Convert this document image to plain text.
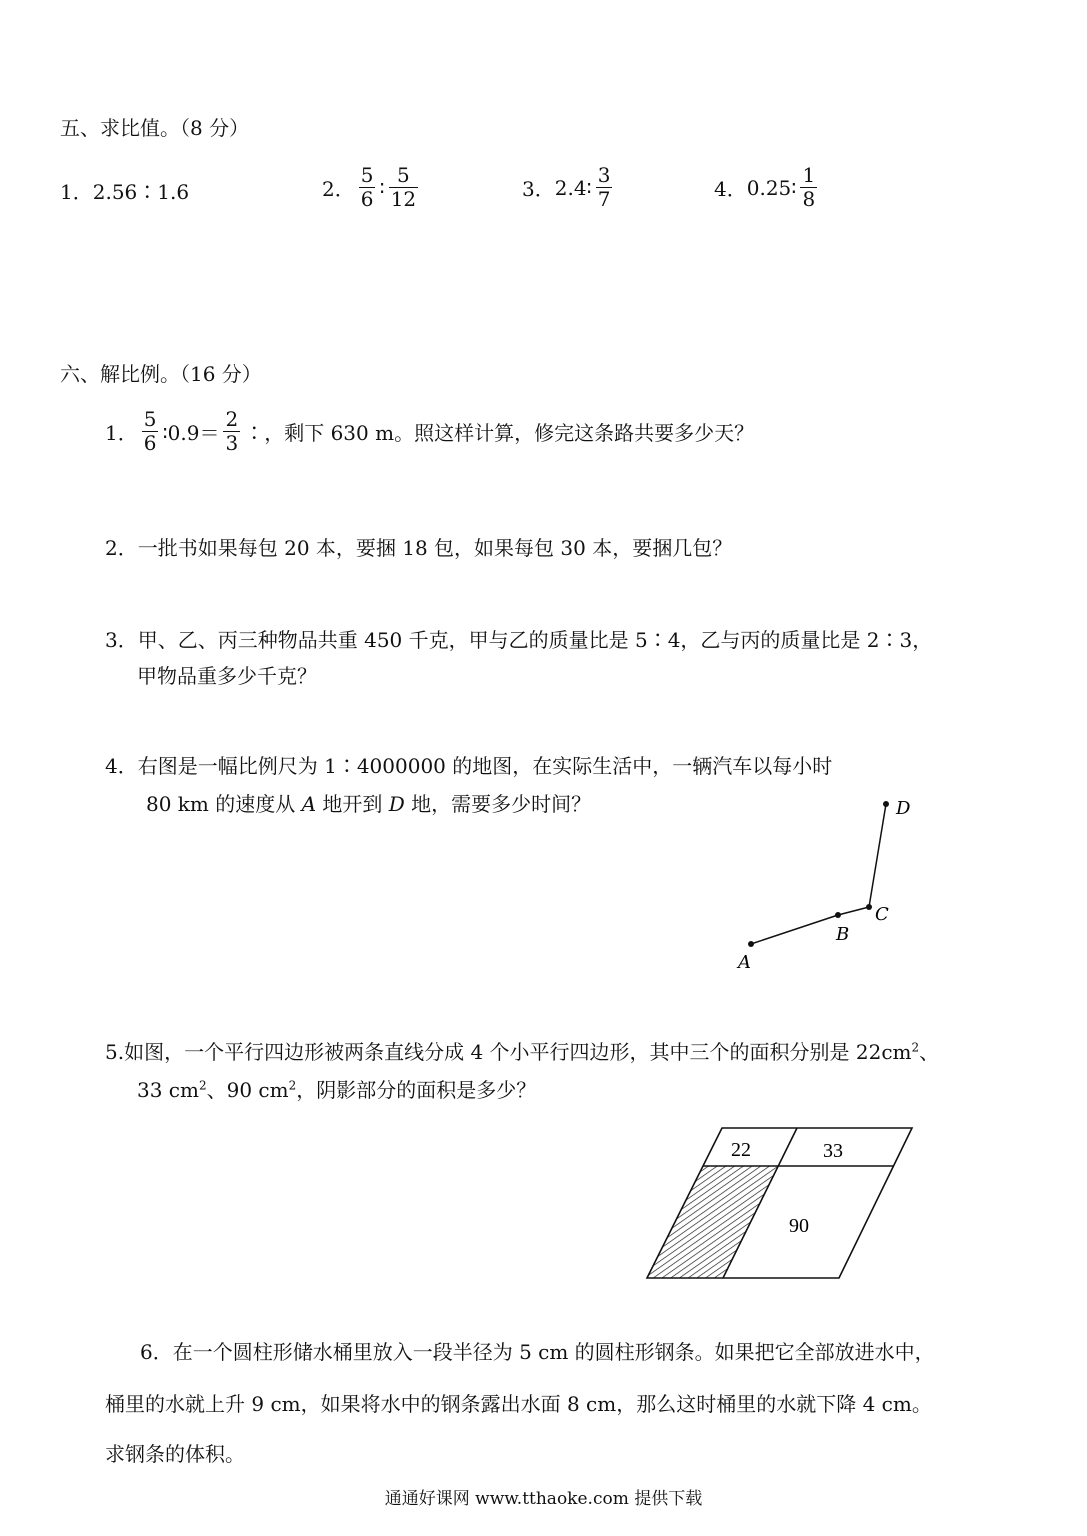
五、求比值。（8 分）
1．2.56∶1.6	2． $\frac{5}{6}$ ∶ $\frac{5}{12}$	3． 2.4∶ $\frac{3}{7}$	4． 0.25∶ $\frac{1}{8}$
六、解比例。（16 分）
1． $\frac{5}{6}$ ∶0.9＝ $\frac{2}{3}$ ∶，剩下 630 m。照这样计算，修完这条路共要多少天？
2．一批书如果每包 20 本，要捆 18 包，如果每包 30 本，要捆几包？
3．甲、乙、丙三种物品共重 450 千克，甲与乙的质量比是 5∶4，乙与丙的质量比是 2∶3，
甲物品重多少千克？
4．右图是一幅比例尺为 1∶4000000 的地图，在实际生活中，一辆汽车以每小时
80 km 的速度从 A 地开到 D 地，需要多少时间？
A
B
C
D
5.如图，一个平行四边形被两条直线分成 4 个小平行四边形，其中三个的面积分别是 $22cm^2$、
33 $cm^2$、90 $cm^2$，阴影部分的面积是多少？
22	33
90
6．在一个圆柱形储水桶里放入一段半径为 5 cm 的圆柱形钢条。如果把它全部放进水中，
桶里的水就上升 9 cm，如果将水中的钢条露出水面 8 cm，那么这时桶里的水就下降 4 cm。
求钢条的体积。
通通好课网 www.tthaoke.com 提供下载
